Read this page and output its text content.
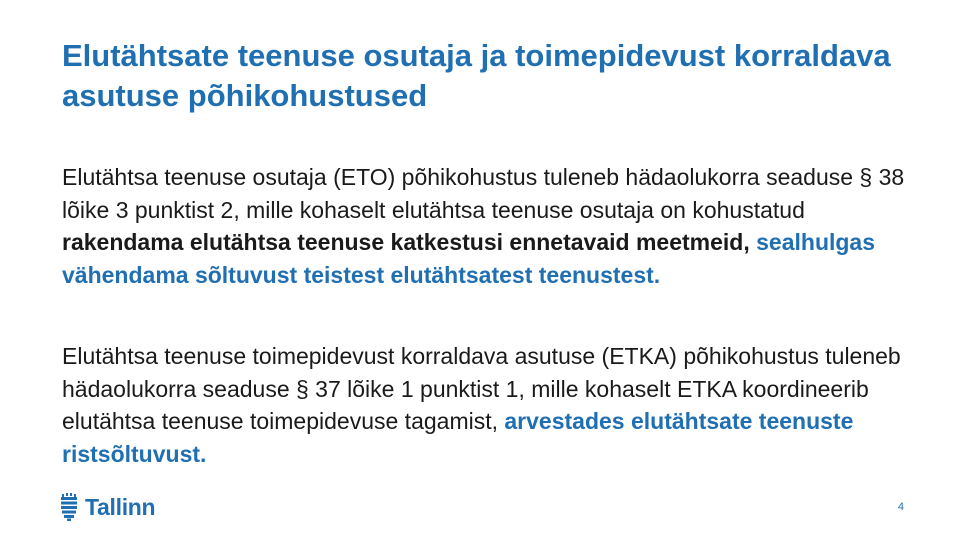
Elutähtsate teenuse osutaja ja toimepidevust korraldava asutuse põhikohustused

Elutähtsa teenuse osutaja (ETO) põhikohustus tuleneb hädaolukorra seaduse § 38 lõike 3 punktist 2, mille kohaselt elutähtsa teenuse osutaja on kohustatud rakendama elutähtsa teenuse katkestusi ennetavaid meetmeid, sealhulgas vähendama sõltuvust teistest elutähtsatest teenustest.

Elutähtsa teenuse toimepidevust korraldava asutuse (ETKA) põhikohustus tuleneb hädaolukorra seaduse § 37 lõike 1 punktist 1, mille kohaselt ETKA koordineerib elutähtsa teenuse toimepidevuse tagamist, arvestades elutähtsate teenuste ristsõltuvust.

Tallinn	4
